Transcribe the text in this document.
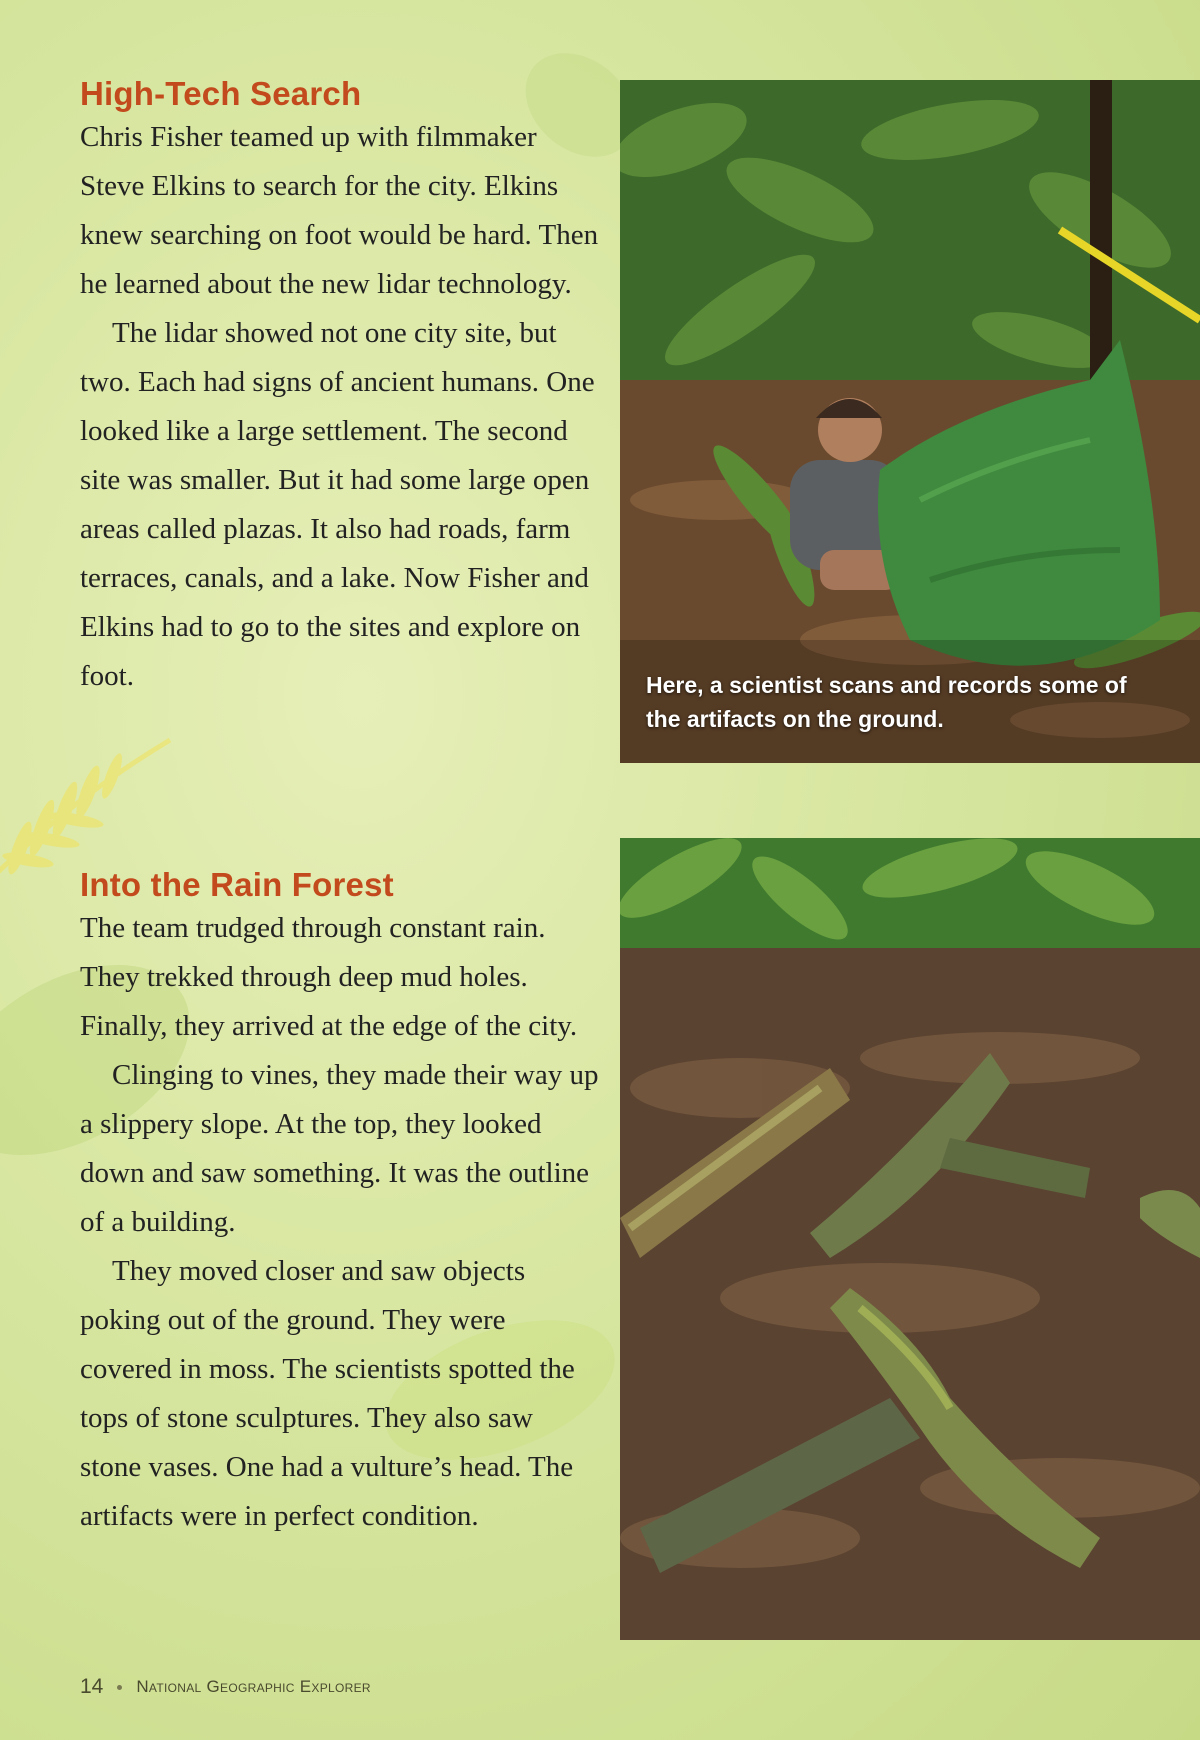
High-Tech Search

Chris Fisher teamed up with filmmaker Steve Elkins to search for the city. Elkins knew searching on foot would be hard. Then he learned about the new lidar technology.

The lidar showed not one city site, but two. Each had signs of ancient humans. One looked like a large settlement. The second site was smaller. But it had some large open areas called plazas. It also had roads, farm terraces, canals, and a lake. Now Fisher and Elkins had to go to the sites and explore on foot.

Into the Rain Forest

The team trudged through constant rain. They trekked through deep mud holes. Finally, they arrived at the edge of the city.

Clinging to vines, they made their way up a slippery slope. At the top, they looked down and saw something. It was the outline of a building.

They moved closer and saw objects poking out of the ground. They were covered in moss. The scientists spotted the tops of stone sculptures. They also saw stone vases. One had a vulture’s head. The artifacts were in perfect condition.

Here, a scientist scans and records some of the artifacts on the ground.
14 National Geographic Explorer
